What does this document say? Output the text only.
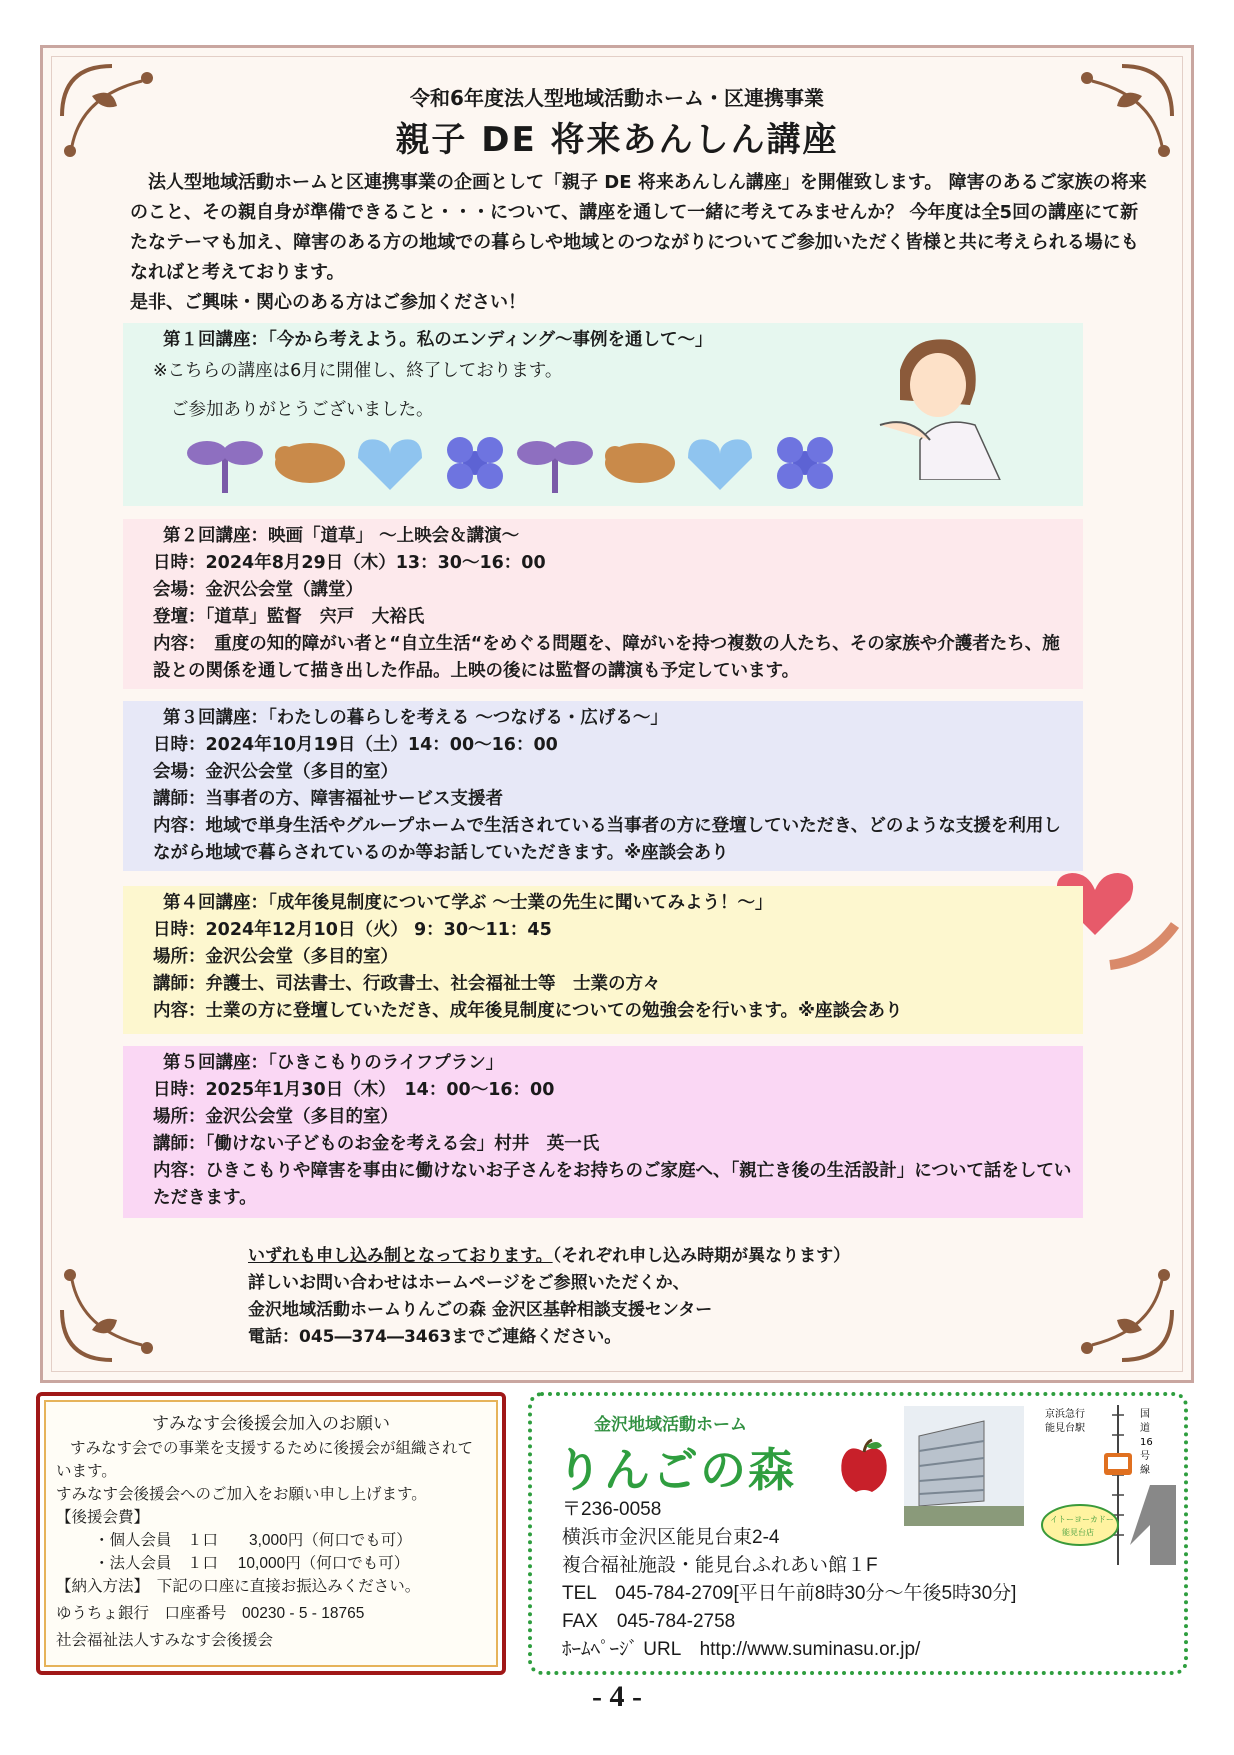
令和6年度法人型地域活動ホーム・区連携事業
親子 DE 将来あんしん講座

法人型地域活動ホームと区連携事業の企画として「親子 DE 将来あんしん講座」を開催致します。 障害のあるご家族の将来のこと、その親自身が準備できること・・・について、講座を通して一緒に考えてみませんか？ 今年度は全5回の講座にて新たなテーマも加え、障害のある方の地域での暮らしや地域とのつながりについてご参加いただく皆様と共に考えられる場にもなればと考えております。

是非、ご興味・関心のある方はご参加ください！

第１回講座：「今から考えよう。私のエンディング～事例を通して～」
※こちらの講座は6月に開催し、終了しております。
ご参加ありがとうございました。
第２回講座：映画「道草」 ～上映会＆講演～
日時：2024年8月29日（木）13：30～16：00
会場：金沢公会堂（講堂）
登壇：「道草」監督　宍戸　大裕氏
内容：　重度の知的障がい者と“自立生活“をめぐる問題を、障がいを持つ複数の人たち、その家族や介護者たち、施設との関係を通して描き出した作品。上映の後には監督の講演も予定しています。
第３回講座：「わたしの暮らしを考える ～つなげる・広げる～」
日時：2024年10月19日（土）14：00～16：00
会場：金沢公会堂（多目的室）
講師：当事者の方、障害福祉サービス支援者
内容：地域で単身生活やグループホームで生活されている当事者の方に登壇していただき、どのような支援を利用しながら地域で暮らされているのか等お話していただきます。※座談会あり
第４回講座：「成年後見制度について学ぶ ～士業の先生に聞いてみよう！～」
日時：2024年12月10日（火） 9：30～11：45
場所：金沢公会堂（多目的室）
講師：弁護士、司法書士、行政書士、社会福祉士等　士業の方々
内容：士業の方に登壇していただき、成年後見制度についての勉強会を行います。※座談会あり
第５回講座：「ひきこもりのライフプラン」
日時：2025年1月30日（木）　14：00～16：00
場所：金沢公会堂（多目的室）
講師：「働けない子どものお金を考える会」村井　英一氏
内容：ひきこもりや障害を事由に働けないお子さんをお持ちのご家庭へ、「親亡き後の生活設計」について話をしていただきます。
いずれも申し込み制となっております。（それぞれ申し込み時期が異なります）
詳しいお問い合わせはホームページをご参照いただくか、
金沢地域活動ホームりんごの森 金沢区基幹相談支援センター
電話：045―374―3463までご連絡ください。
すみなす会後援会加入のお願い
すみなす会での事業を支援するために後援会が組織されています。
すみなす会後援会へのご加入をお願い申し上げます。
【後援会費】
・個人会員　１口　　3,000円（何口でも可）
・法人会員　１口　 10,000円（何口でも可）
【納入方法】　下記の口座に直接お振込みください。
ゆうちょ銀行　口座番号　00230 - 5 - 18765
社会福祉法人すみなす会後援会
金沢地域活動ホーム
りんごの森
〒236-0058
横浜市金沢区能見台東2-4
複合福祉施設・能見台ふれあい館１F
TEL　045-784-2709[平日午前8時30分～午後5時30分]
FAX　045-784-2758
ﾎｰﾑﾍﾟｰｼﾞ URL　http://www.suminasu.or.jp/
京浜急行
能見台駅
国
道
16
号
線
イトーヨーカドー
能見台店
- 4 -
